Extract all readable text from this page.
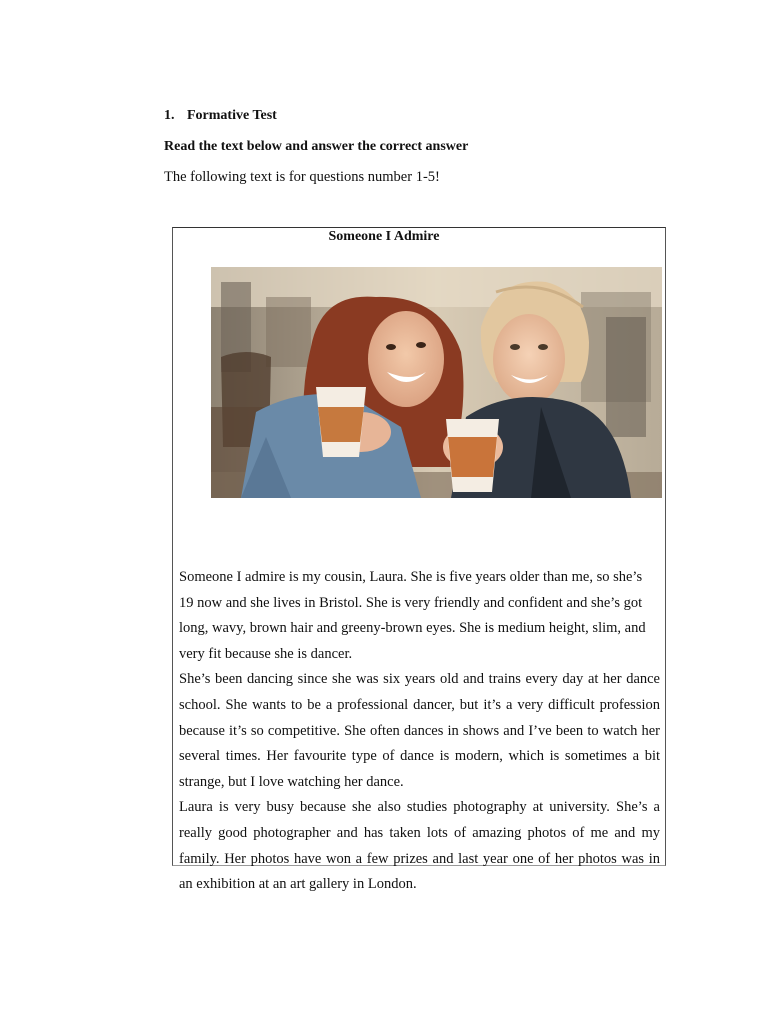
1. Formative Test
Read the text below and answer the correct answer
The following text is for questions number 1-5!
Someone I Admire

Someone I admire is my cousin, Laura. She is five years older than me, so she’s 19 now and she lives in Bristol. She is very friendly and confident and she’s got long, wavy, brown hair and greeny-brown eyes. She is medium height, slim, and very fit because she is dancer.

She’s been dancing since she was six years old and trains every day at her dance school. She wants to be a professional dancer, but it’s a very difficult profession because it’s so competitive. She often dances in shows and I’ve been to watch her several times. Her favourite type of dance is modern, which is sometimes a bit strange, but I love watching her dance.

Laura is very busy because she also studies photography at university. She’s a really good photographer and has taken lots of amazing photos of me and my family. Her photos have won a few prizes and last year one of her photos was in an exhibition at an art gallery in London.
